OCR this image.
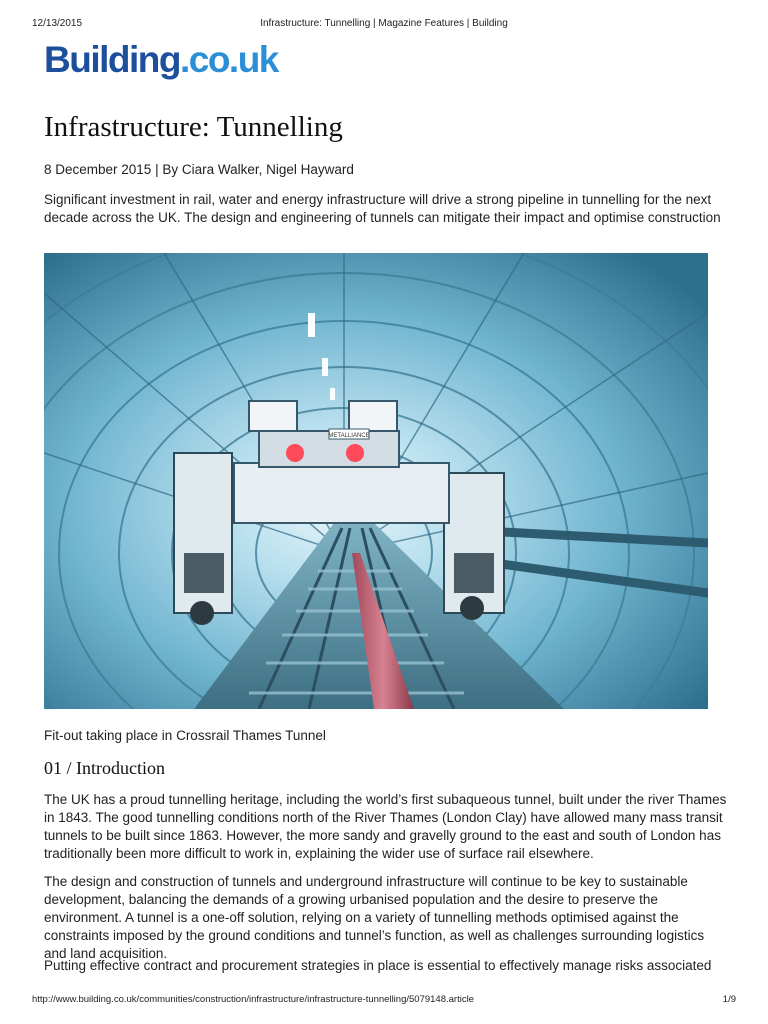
12/13/2015	Infrastructure: Tunnelling | Magazine Features | Building
Building.co.uk
Infrastructure: Tunnelling
8 December 2015 | By Ciara Walker, Nigel Hayward

Significant investment in rail, water and energy infrastructure will drive a strong pipeline in tunnelling for the next decade across the UK. The design and engineering of tunnels can mitigate their impact and optimise construction

METALLIANCE
Fit-out taking place in Crossrail Thames Tunnel
01 / Introduction

The UK has a proud tunnelling heritage, including the world’s first subaqueous tunnel, built under the river Thames in 1843. The good tunnelling conditions north of the River Thames (London Clay) have allowed many mass transit tunnels to be built since 1863. However, the more sandy and gravelly ground to the east and south of London has traditionally been more difficult to work in, explaining the wider use of surface rail elsewhere.

The design and construction of tunnels and underground infrastructure will continue to be key to sustainable development, balancing the demands of a growing urbanised population and the desire to preserve the environment. A tunnel is a one-off solution, relying on a variety of tunnelling methods optimised against the constraints imposed by the ground conditions and tunnel’s function, as well as challenges surrounding logistics and land acquisition.

Putting effective contract and procurement strategies in place is essential to effectively manage risks associated

http://www.building.co.uk/communities/construction/infrastructure/infrastructure-tunnelling/5079148.article	1/9
